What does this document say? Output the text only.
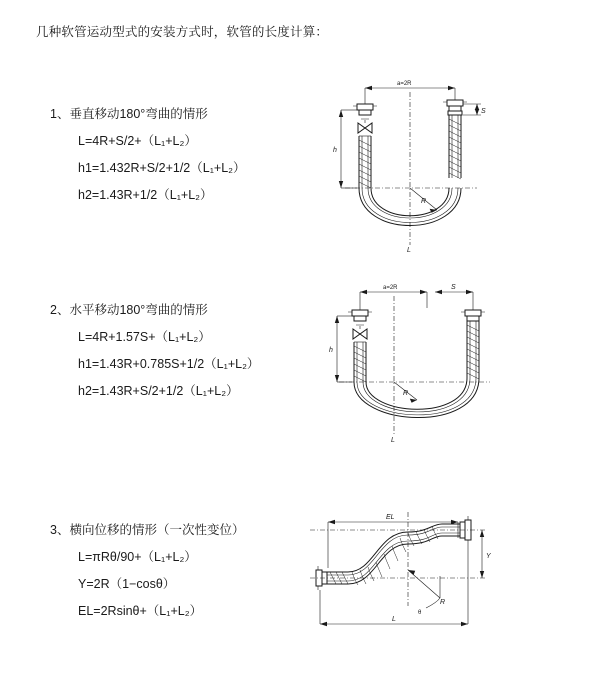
几种软管运动型式的安装方式时，软管的长度计算：
1、垂直移动180°弯曲的情形
L=4R+S/2+（L₁+L₂）
h1=1.432R+S/2+1/2（L₁+L₂）
h2=1.43R+1/2（L₁+L₂）
a=2R
R
L
h
S
2、水平移动180°弯曲的情形
L=4R+1.57S+（L₁+L₂）
h1=1.43R+0.785S+1/2（L₁+L₂）
h2=1.43R+S/2+1/2（L₁+L₂）
a=2R	S
R
h
L
3、横向位移的情形（一次性变位）
L=πRθ/90+（L₁+L₂）
Y=2R（1−cosθ）
EL=2Rsinθ+（L₁+L₂）
EL
Y
R
θ
L
